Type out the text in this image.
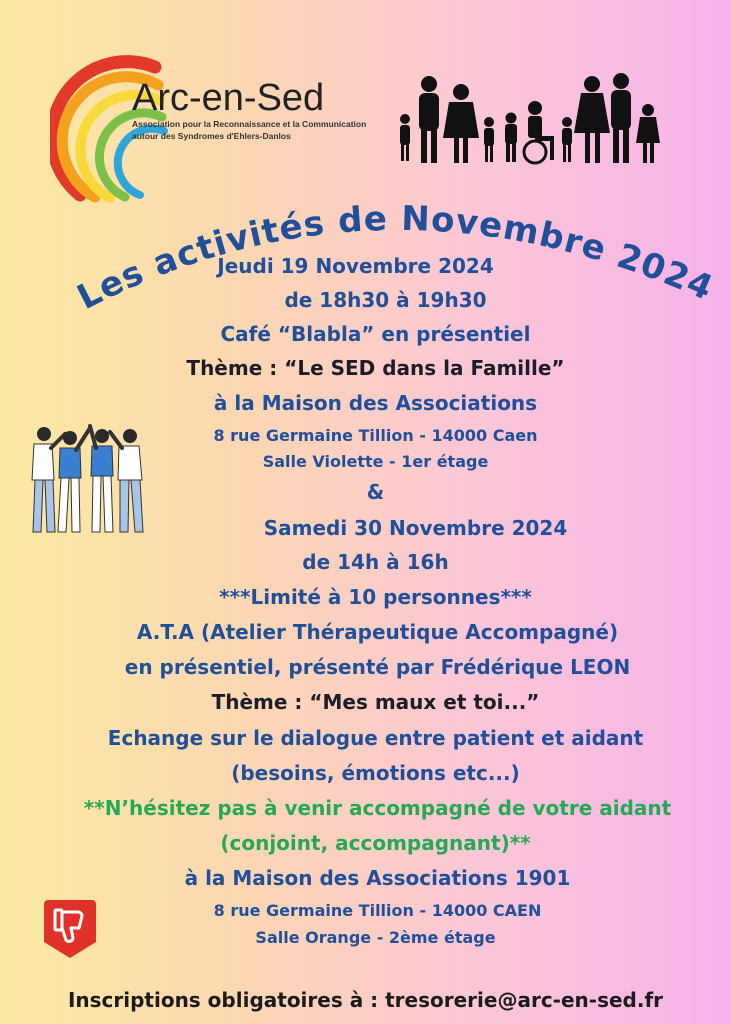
Arc-en-Sed
Association pour la Reconnaissance et la Communication
autour des Syndromes d'Ehlers-Danlos
Les activités de Novembre 2024
Jeudi 19 Novembre 2024
de 18h30 à 19h30
Café “Blabla” en présentiel
Thème : “Le SED dans la Famille”
à la Maison des Associations
8 rue Germaine Tillion - 14000 Caen
Salle Violette - 1er étage
&
Samedi 30 Novembre 2024
de 14h à 16h
***Limité à 10 personnes***
A.T.A (Atelier Thérapeutique Accompagné)
en présentiel, présenté par Frédérique LEON
Thème : “Mes maux et toi...”
Echange sur le dialogue entre patient et aidant
(besoins, émotions etc...)
**N’hésitez pas à venir accompagné de votre aidant
(conjoint, accompagnant)**
à la Maison des Associations 1901
8 rue Germaine Tillion - 14000 CAEN
Salle Orange - 2ème étage
Inscriptions obligatoires à : tresorerie@arc-en-sed.fr
